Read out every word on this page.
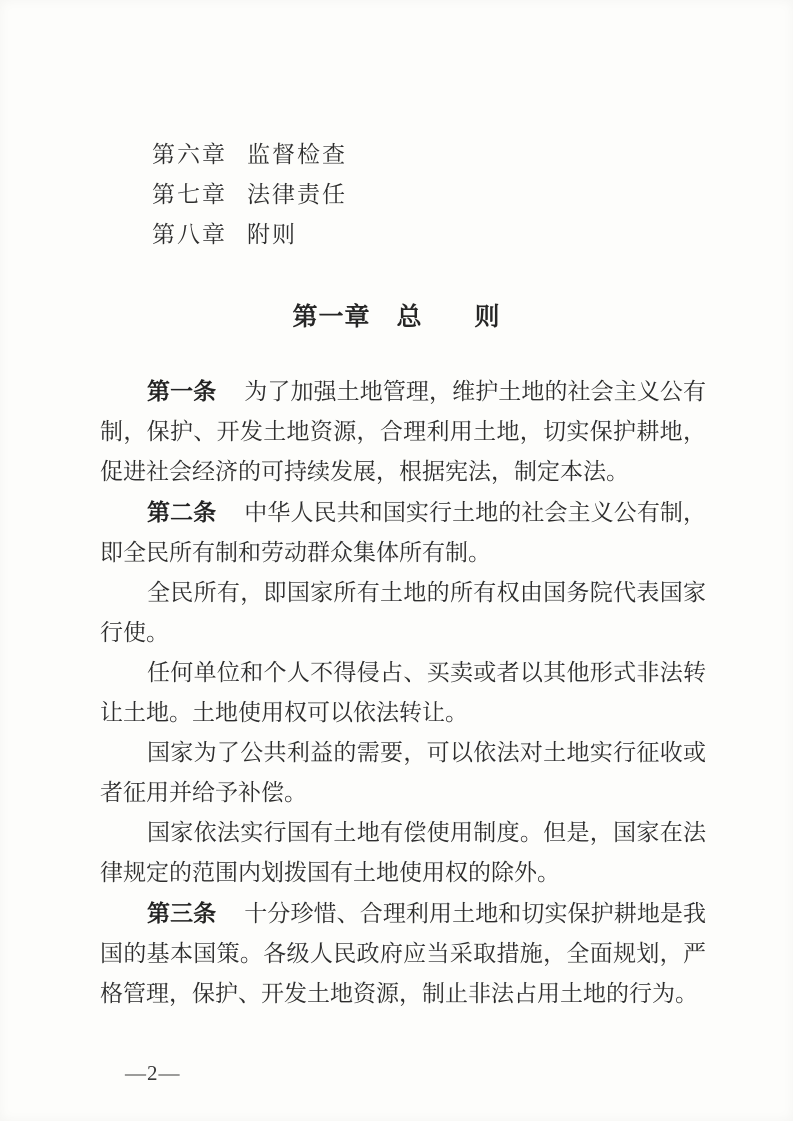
第六章 监督检查
第七章 法律责任
第八章 附则
第一章　总　　则

第一条 为了加强土地管理，维护土地的社会主义公有制，保护、开发土地资源，合理利用土地，切实保护耕地，促进社会经济的可持续发展，根据宪法，制定本法。

第二条 中华人民共和国实行土地的社会主义公有制，即全民所有制和劳动群众集体所有制。

全民所有，即国家所有土地的所有权由国务院代表国家行使。

任何单位和个人不得侵占、买卖或者以其他形式非法转让土地。土地使用权可以依法转让。

国家为了公共利益的需要，可以依法对土地实行征收或者征用并给予补偿。

国家依法实行国有土地有偿使用制度。但是，国家在法律规定的范围内划拨国有土地使用权的除外。

第三条 十分珍惜、合理利用土地和切实保护耕地是我国的基本国策。各级人民政府应当采取措施，全面规划，严格管理，保护、开发土地资源，制止非法占用土地的行为。

—2—
